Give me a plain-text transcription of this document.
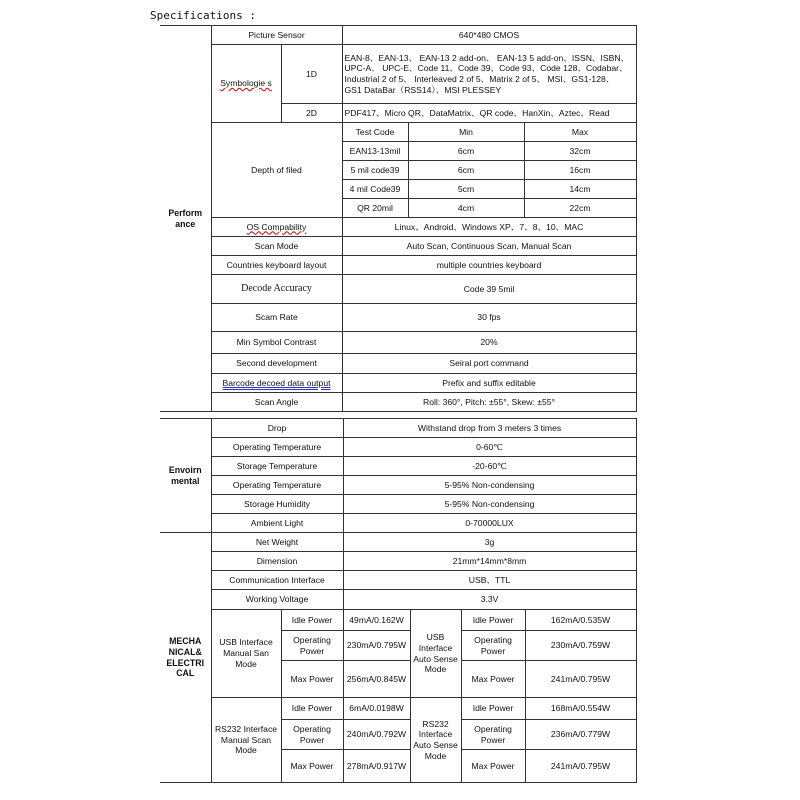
Specifications :
Perform ance	Picture Sensor		640*480 CMOS		
	Symbologie s	1D	EAN-8、EAN-13、 EAN-13 2 add-on、 EAN-13 5 add-on、ISSN、ISBN、 UPC-A、 UPC-E、Code 11、Code 39、Code 93、Code 128、Codabar、 Industrial 2 of 5、 Interleaved 2 of 5、Matrix 2 of 5、 MSI、GS1-128、 GS1 DataBar（RSS14）、MSI PLESSEY		
		2D	PDF417、Micro QR、DataMatrix、QR code、HanXin、Aztec、Read		
	Depth of filed		Test Code	Min	Max
			EAN13-13mil	6cm	32cm
			5 mil code39	6cm	16cm
			4 mil Code39	5cm	14cm
			QR 20mil	4cm	22cm
	OS Compability		Linux、Android、Windows XP、7、8、10、MAC		
	Scan Mode		Auto Scan, Continuous Scan, Manual Scan		
	Countries keyboard layout		multiple countries keyboard		
	Decode Accuracy		Code 39 5mil		
	Scam Rate		30 fps		
	Min Symbol Contrast		20%		
	Second development		Seiral port command		
	Barcode decoed data output		Prefix and suffix editable		
	Scan Angle		Roll: 360°, Pitch: ±55°, Skew: ±55°		
Envoirn mental	Drop		Withstand drop from 3 meters 3 times			
	Operating Temperature		0-60℃			
	Storage Temperature		-20-60℃			
	Operating Temperature		5-95% Non-condensing			
	Storage Humidity		5-95% Non-condensing			
	Ambient Light		0-70000LUX			
MECHA NICAL& ELECTRI CAL	Net Weight		3g			
	Dimension		21mm*14mm*8mm			
	Communication Interface		USB、TTL			
	Working Voltage		3.3V			
	USB Interface Manual San Mode	Idle Power	49mA/0.162W	USB Interface Auto Sense Mode	Idle Power	162mA/0.535W
		Operating Power	230mA/0.795W		Operating Power	230mA/0.759W
		Max Power	256mA/0.845W		Max Power	241mA/0.795W
	RS232 Interface Manual Scan Mode	Idle Power	6mA/0.0198W	RS232 Interface Auto Sense Mode	Idle Power	168mA/0.554W
		Operating Power	240mA/0.792W		Operating Power	236mA/0.779W
		Max Power	278mA/0.917W		Max Power	241mA/0.795W
